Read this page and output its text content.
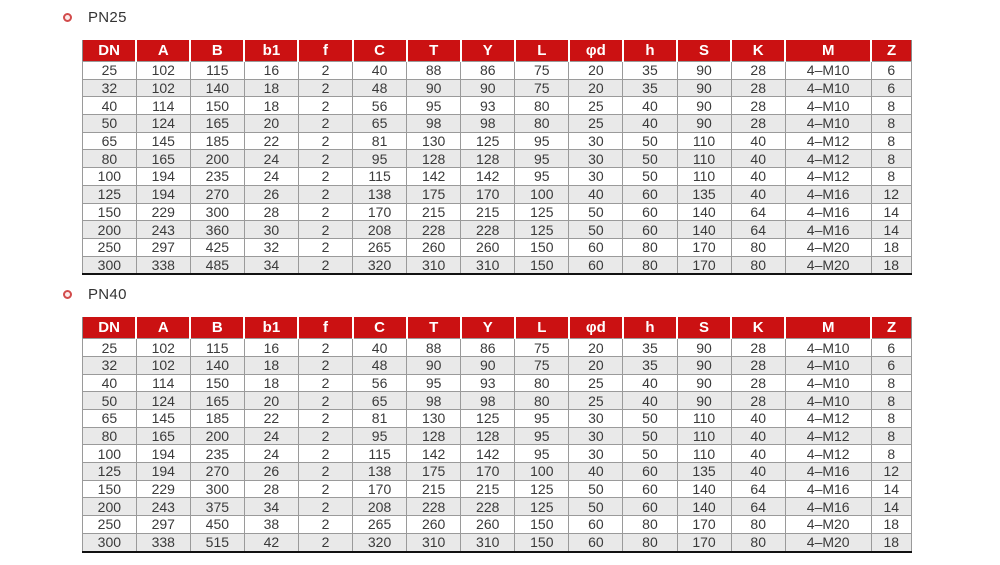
PN25
DN	A	B	b1	f	C	T	Y	L	φd	h	S	K	M	Z
25	102	115	16	2	40	88	86	75	20	35	90	28	4–M10	6
32	102	140	18	2	48	90	90	75	20	35	90	28	4–M10	6
40	114	150	18	2	56	95	93	80	25	40	90	28	4–M10	8
50	124	165	20	2	65	98	98	80	25	40	90	28	4–M10	8
65	145	185	22	2	81	130	125	95	30	50	110	40	4–M12	8
80	165	200	24	2	95	128	128	95	30	50	110	40	4–M12	8
100	194	235	24	2	115	142	142	95	30	50	110	40	4–M12	8
125	194	270	26	2	138	175	170	100	40	60	135	40	4–M16	12
150	229	300	28	2	170	215	215	125	50	60	140	64	4–M16	14
200	243	360	30	2	208	228	228	125	50	60	140	64	4–M16	14
250	297	425	32	2	265	260	260	150	60	80	170	80	4–M20	18
300	338	485	34	2	320	310	310	150	60	80	170	80	4–M20	18
PN40
DN	A	B	b1	f	C	T	Y	L	φd	h	S	K	M	Z
25	102	115	16	2	40	88	86	75	20	35	90	28	4–M10	6
32	102	140	18	2	48	90	90	75	20	35	90	28	4–M10	6
40	114	150	18	2	56	95	93	80	25	40	90	28	4–M10	8
50	124	165	20	2	65	98	98	80	25	40	90	28	4–M10	8
65	145	185	22	2	81	130	125	95	30	50	110	40	4–M12	8
80	165	200	24	2	95	128	128	95	30	50	110	40	4–M12	8
100	194	235	24	2	115	142	142	95	30	50	110	40	4–M12	8
125	194	270	26	2	138	175	170	100	40	60	135	40	4–M16	12
150	229	300	28	2	170	215	215	125	50	60	140	64	4–M16	14
200	243	375	34	2	208	228	228	125	50	60	140	64	4–M16	14
250	297	450	38	2	265	260	260	150	60	80	170	80	4–M20	18
300	338	515	42	2	320	310	310	150	60	80	170	80	4–M20	18
